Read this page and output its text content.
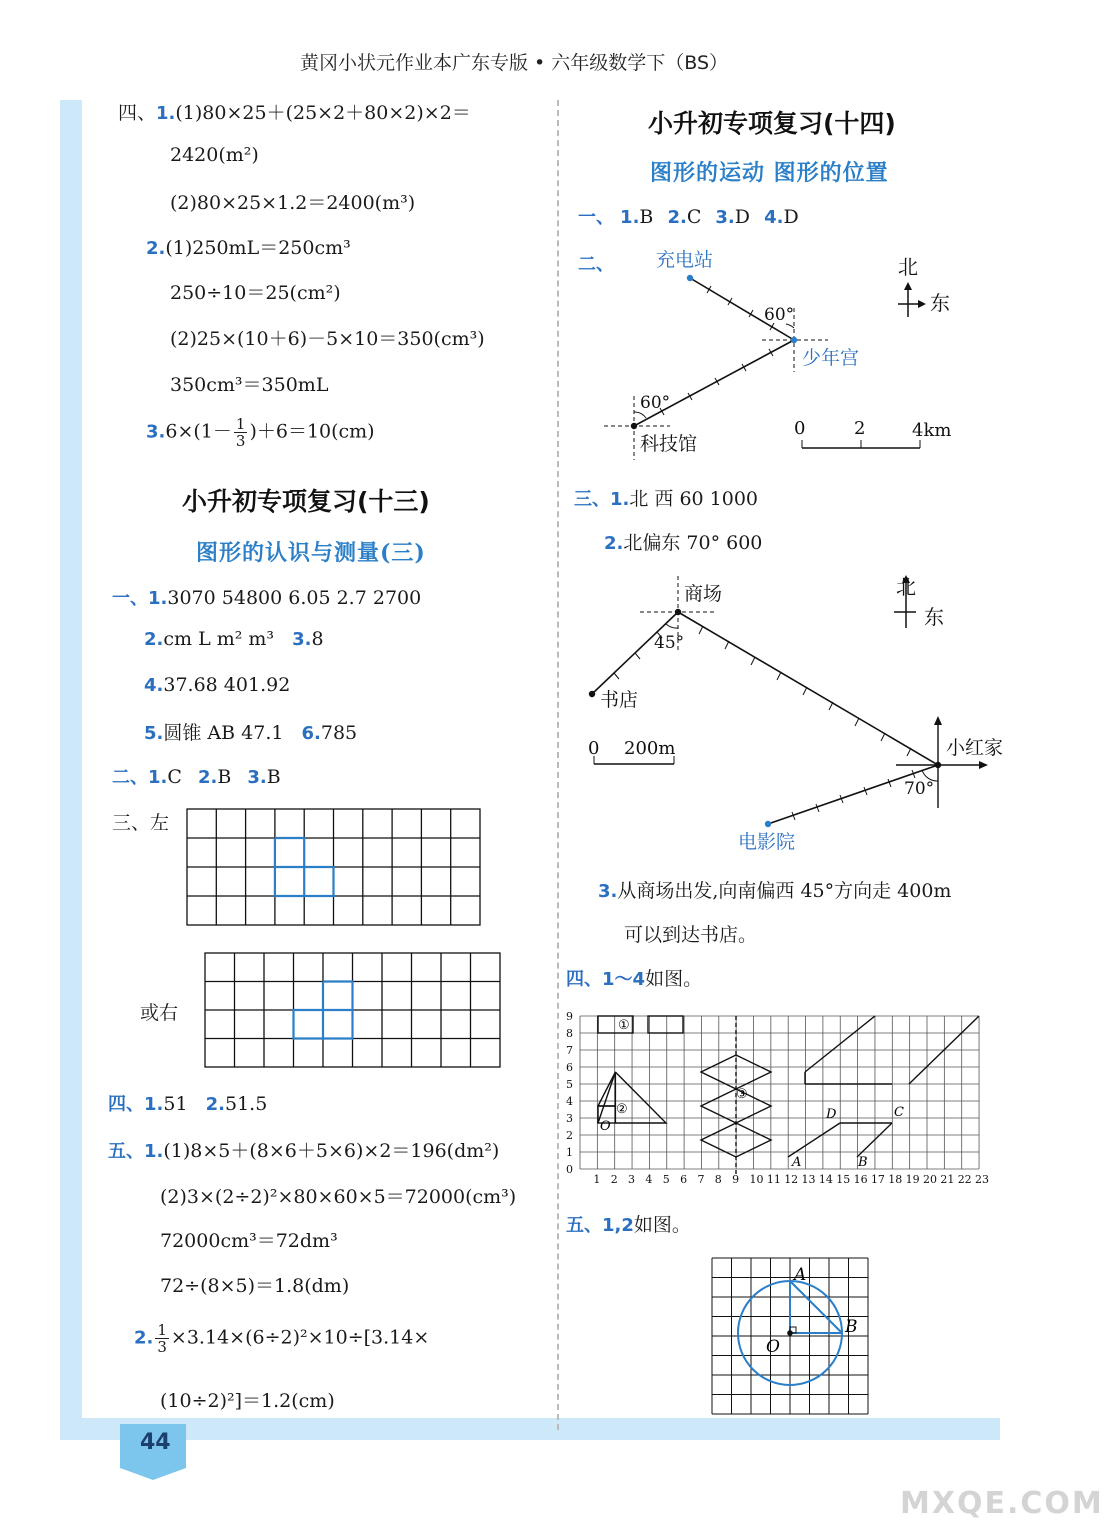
黄冈小状元作业本广东专版 • 六年级数学下（BS）
四、1.(1)80×25＋(25×2＋80×2)×2＝
2420(m²)
(2)80×25×1.2＝2400(m³)
2.(1)250mL＝250cm³
250÷10＝25(cm²)
(2)25×(10＋6)－5×10＝350(cm³)
350cm³＝350mL
$3.6\times(1- \frac{1}{3} )+6=10(cm)$
小升初专项复习(十三)
图形的认识与测量(三)
一、1.3070 54800 6.05 2.7 2700
2.cm L m² m³ 3.8
4.37.68 401.92
5.圆锥 AB 47.1 6.785
二、1.C 2.B 3.B
三、左
或右
四、1.51 2.51.5
五、1.(1)8×5＋(8×6＋5×6)×2＝196(dm²)
(2)3×(2÷2)²×80×60×5＝72000(cm³)
72000cm³＝72dm³
72÷(8×5)＝1.8(dm)
2. $\frac{1}{3} \times 3.14\times(6\div 2)^2\times 10\div[3.14\times$
(10÷2)²]＝1.2(cm)
44
MXQE.COM
小升初专项复习(十四)
图形的运动 图形的位置
一、 1.B 2.C 3.D 4.D
二、 充电站
少年宫
科技馆
60°
60°
北
东
0	2	4km
三、1.北 西 60 1000
2.北偏东 70° 600
商场
书店
小红家
电影院
45°
70°
北
东
0 200m
3.从商场出发,向南偏西 45°方向走 400m
可以到达书店。
四、1～4如图。
①
②
③
O
A	B
C
D
1 2 3 4 5 6 7 8 9 10 11 12 13 14 15 16 17 18 19 20 21 22 23
0
1
2
3
4
5
6
7
8
9
五、1,2如图。
A
B
O
